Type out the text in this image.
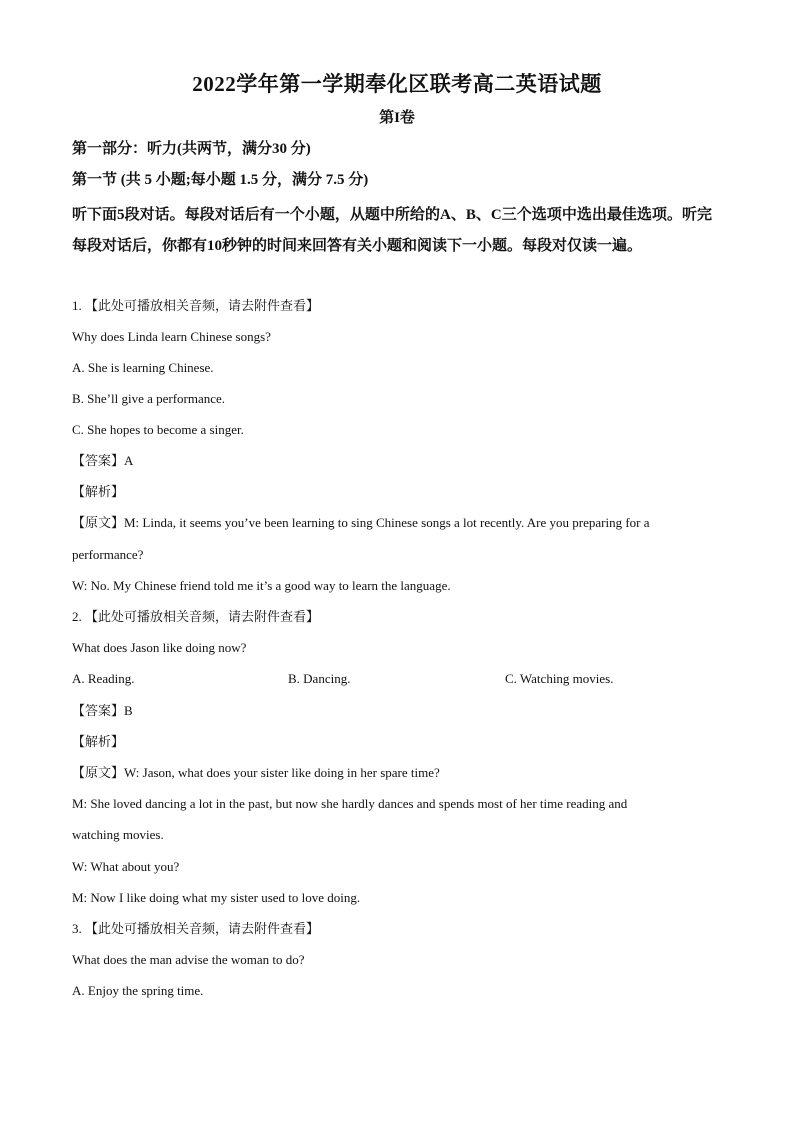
2022学年第一学期奉化区联考高二英语试题
第I卷
第一部分：听力(共两节，满分30 分)
第一节 (共 5 小题;每小题 1.5 分，满分 7.5 分)
听下面5段对话。每段对话后有一个小题，从题中所给的A、B、C三个选项中选出最佳选项。听完每段对话后，你都有10秒钟的时间来回答有关小题和阅读下一小题。每段对仅读一遍。
1. 【此处可播放相关音频，请去附件查看】
Why does Linda learn Chinese songs?
A. She is learning Chinese.
B. She’ll give a performance.
C. She hopes to become a singer.
【答案】A
【解析】
【原文】M: Linda, it seems you’ve been learning to sing Chinese songs a lot recently. Are you preparing for a
performance?
W: No. My Chinese friend told me it’s a good way to learn the language.
2. 【此处可播放相关音频，请去附件查看】
What does Jason like doing now?
A. Reading.	B. Dancing.	C. Watching movies.
【答案】B
【解析】
【原文】W: Jason, what does your sister like doing in her spare time?
M: She loved dancing a lot in the past, but now she hardly dances and spends most of her time reading and
watching movies.
W: What about you?
M: Now I like doing what my sister used to love doing.
3. 【此处可播放相关音频，请去附件查看】
What does the man advise the woman to do?
A. Enjoy the spring time.
